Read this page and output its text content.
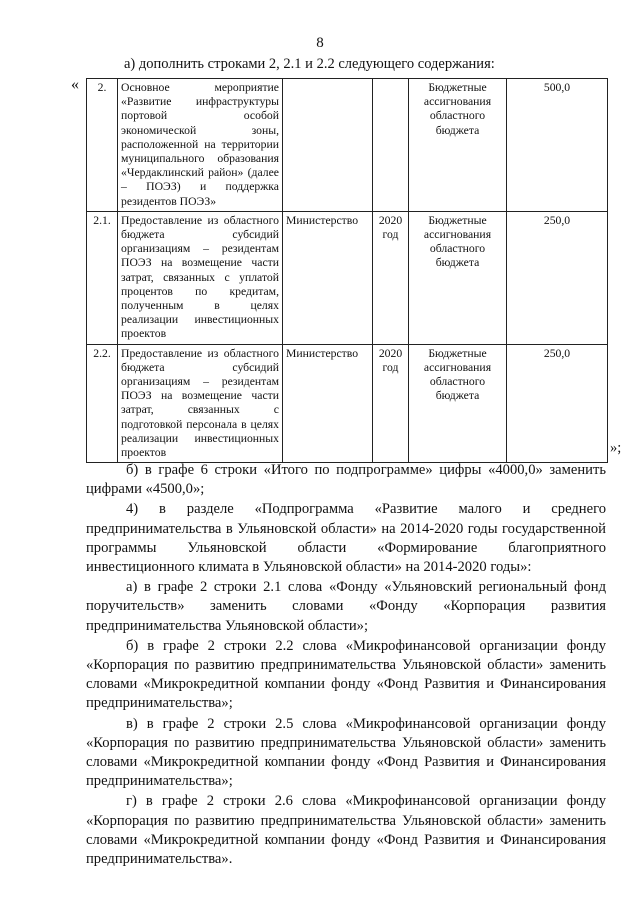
8
а) дополнить строками 2, 2.1 и 2.2 следующего содержания:
« 2.	Основное мероприятие «Развитие инфраструктуры портовой особой экономической зоны, расположенной на территории муниципального образования «Чердаклинский район» (далее – ПОЭЗ) и поддержка резидентов ПОЭЗ»			Бюджетные ассигнования областного бюджета	500,0
2.1.	Предоставление из областного бюджета субсидий организациям – резидентам ПОЭЗ на возмещение части затрат, связанных с уплатой процентов по кредитам, полученным в целях реализации инвестиционных проектов	Министерство	2020 год	Бюджетные ассигнования областного бюджета	250,0
2.2.	Предоставление из областного бюджета субсидий организациям – резидентам ПОЭЗ на возмещение части затрат, связанных с подготовкой персонала в целях реализации инвестиционных проектов	Министерство	2020 год	Бюджетные ассигнования областного бюджета	250,0
»;

б) в графе 6 строки «Итого по подпрограмме» цифры «4000,0» заменить цифрами «4500,0»;

4) в разделе «Подпрограмма «Развитие малого и среднего предпринимательства в Ульяновской области» на 2014-2020 годы государственной программы Ульяновской области «Формирование благоприятного инвестиционного климата в Ульяновской области» на 2014-2020 годы»:

а) в графе 2 строки 2.1 слова «Фонду «Ульяновский региональный фонд поручительств» заменить словами «Фонду «Корпорация развития предпринимательства Ульяновской области»;

б) в графе 2 строки 2.2 слова «Микрофинансовой организации фонду «Корпорация по развитию предпринимательства Ульяновской области» заменить словами «Микрокредитной компании фонду «Фонд Развития и Финансирования предпринимательства»;

в) в графе 2 строки 2.5 слова «Микрофинансовой организации фонду «Корпорация по развитию предпринимательства Ульяновской области» заменить словами «Микрокредитной компании фонду «Фонд Развития и Финансирования предпринимательства»;

г) в графе 2 строки 2.6 слова «Микрофинансовой организации фонду «Корпорация по развитию предпринимательства Ульяновской области» заменить словами «Микрокредитной компании фонду «Фонд Развития и Финансирования предпринимательства».
